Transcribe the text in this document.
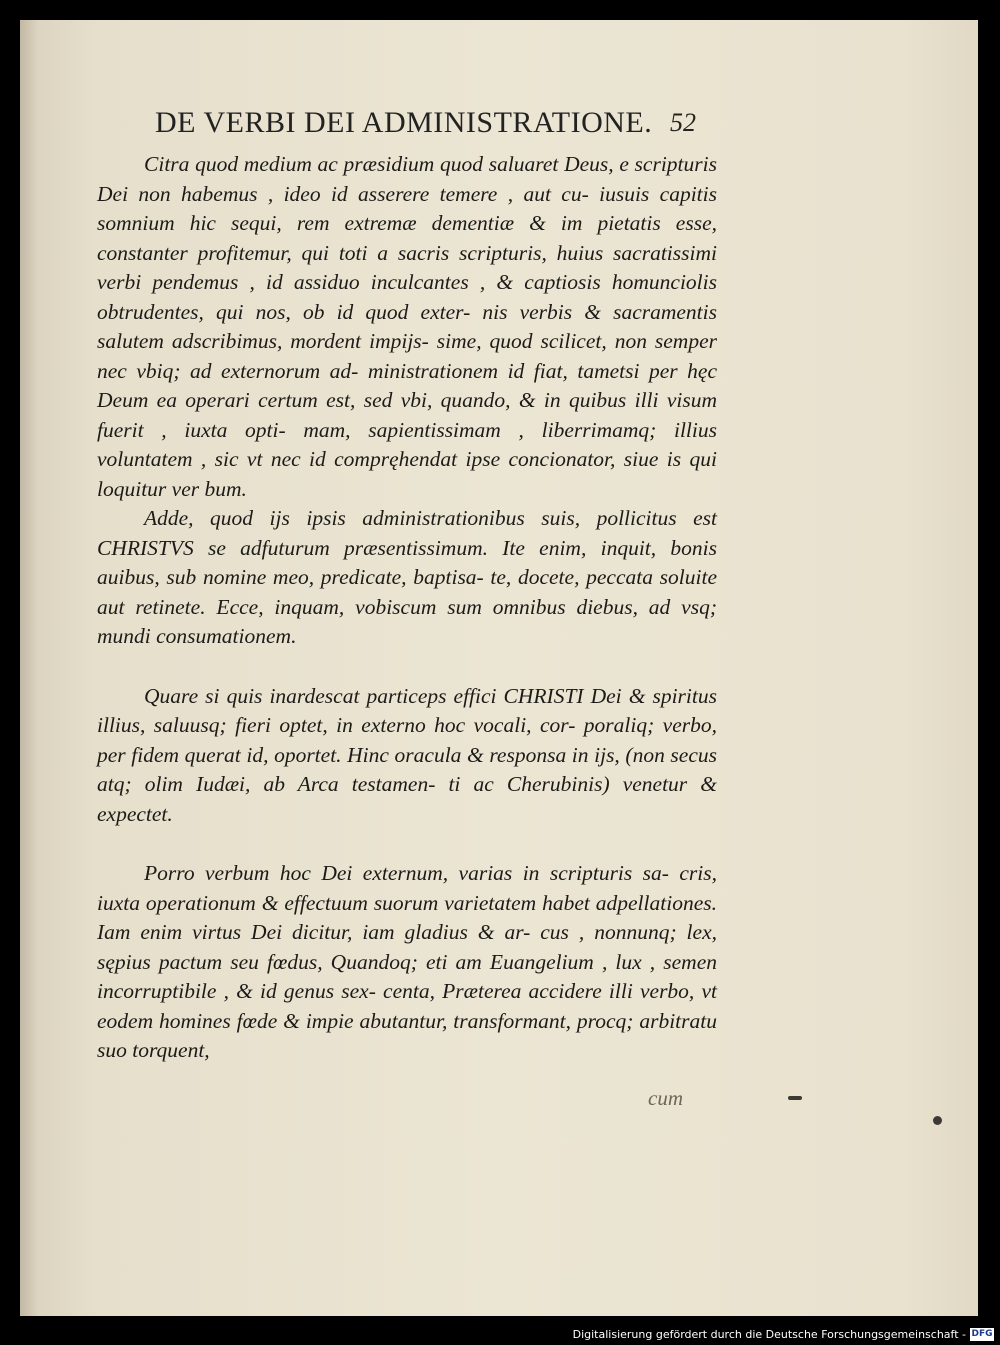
DE VERBI DEI ADMINISTRATIONE. 52

Citra quod medium ac præsidium quod saluaret Deus, e scripturis Dei non habemus , ideo id asserere temere , aut cu- iusuis capitis somnium hic sequi, rem extremæ dementiæ & im pietatis esse, constanter profitemur, qui toti a sacris scripturis, huius sacratissimi verbi pendemus , id assiduo inculcantes , & captiosis homunciolis obtrudentes, qui nos, ob id quod exter- nis verbis & sacramentis salutem adscribimus, mordent impijs- sime, quod scilicet, non semper nec vbiq; ad externorum ad- ministrationem id fiat, tametsi per hęc Deum ea operari certum est, sed vbi, quando, & in quibus illi visum fuerit , iuxta opti- mam, sapientissimam , liberrimamq; illius voluntatem , sic vt nec id compręhendat ipse concionator, siue is qui loquitur ver bum.

Adde, quod ijs ipsis administrationibus suis, pollicitus est CHRISTVS se adfuturum præsentissimum. Ite enim, inquit, bonis auibus, sub nomine meo, predicate, baptisa- te, docete, peccata soluite aut retinete. Ecce, inquam, vobiscum sum omnibus diebus, ad vsq; mundi consumationem.

Quare si quis inardescat particeps effici CHRISTI Dei & spiritus illius, saluusq; fieri optet, in externo hoc vocali, cor- poraliq; verbo, per fidem querat id, oportet. Hinc oracula & responsa in ijs, (non secus atq; olim Iudæi, ab Arca testamen- ti ac Cherubinis) venetur & expectet.

Porro verbum hoc Dei externum, varias in scripturis sa- cris, iuxta operationum & effectuum suorum varietatem habet adpellationes. Iam enim virtus Dei dicitur, iam gladius & ar- cus , nonnunq; lex, sępius pactum seu fœdus, Quandoq; eti am Euangelium , lux , semen incorruptibile , & id genus sex- centa, Præterea accidere illi verbo, vt eodem homines fœde & impie abutantur, transformant, procq; arbitratu suo torquent,

cum
Digitalisierung gefördert durch die Deutsche Forschungsgemeinschaft - DFG
